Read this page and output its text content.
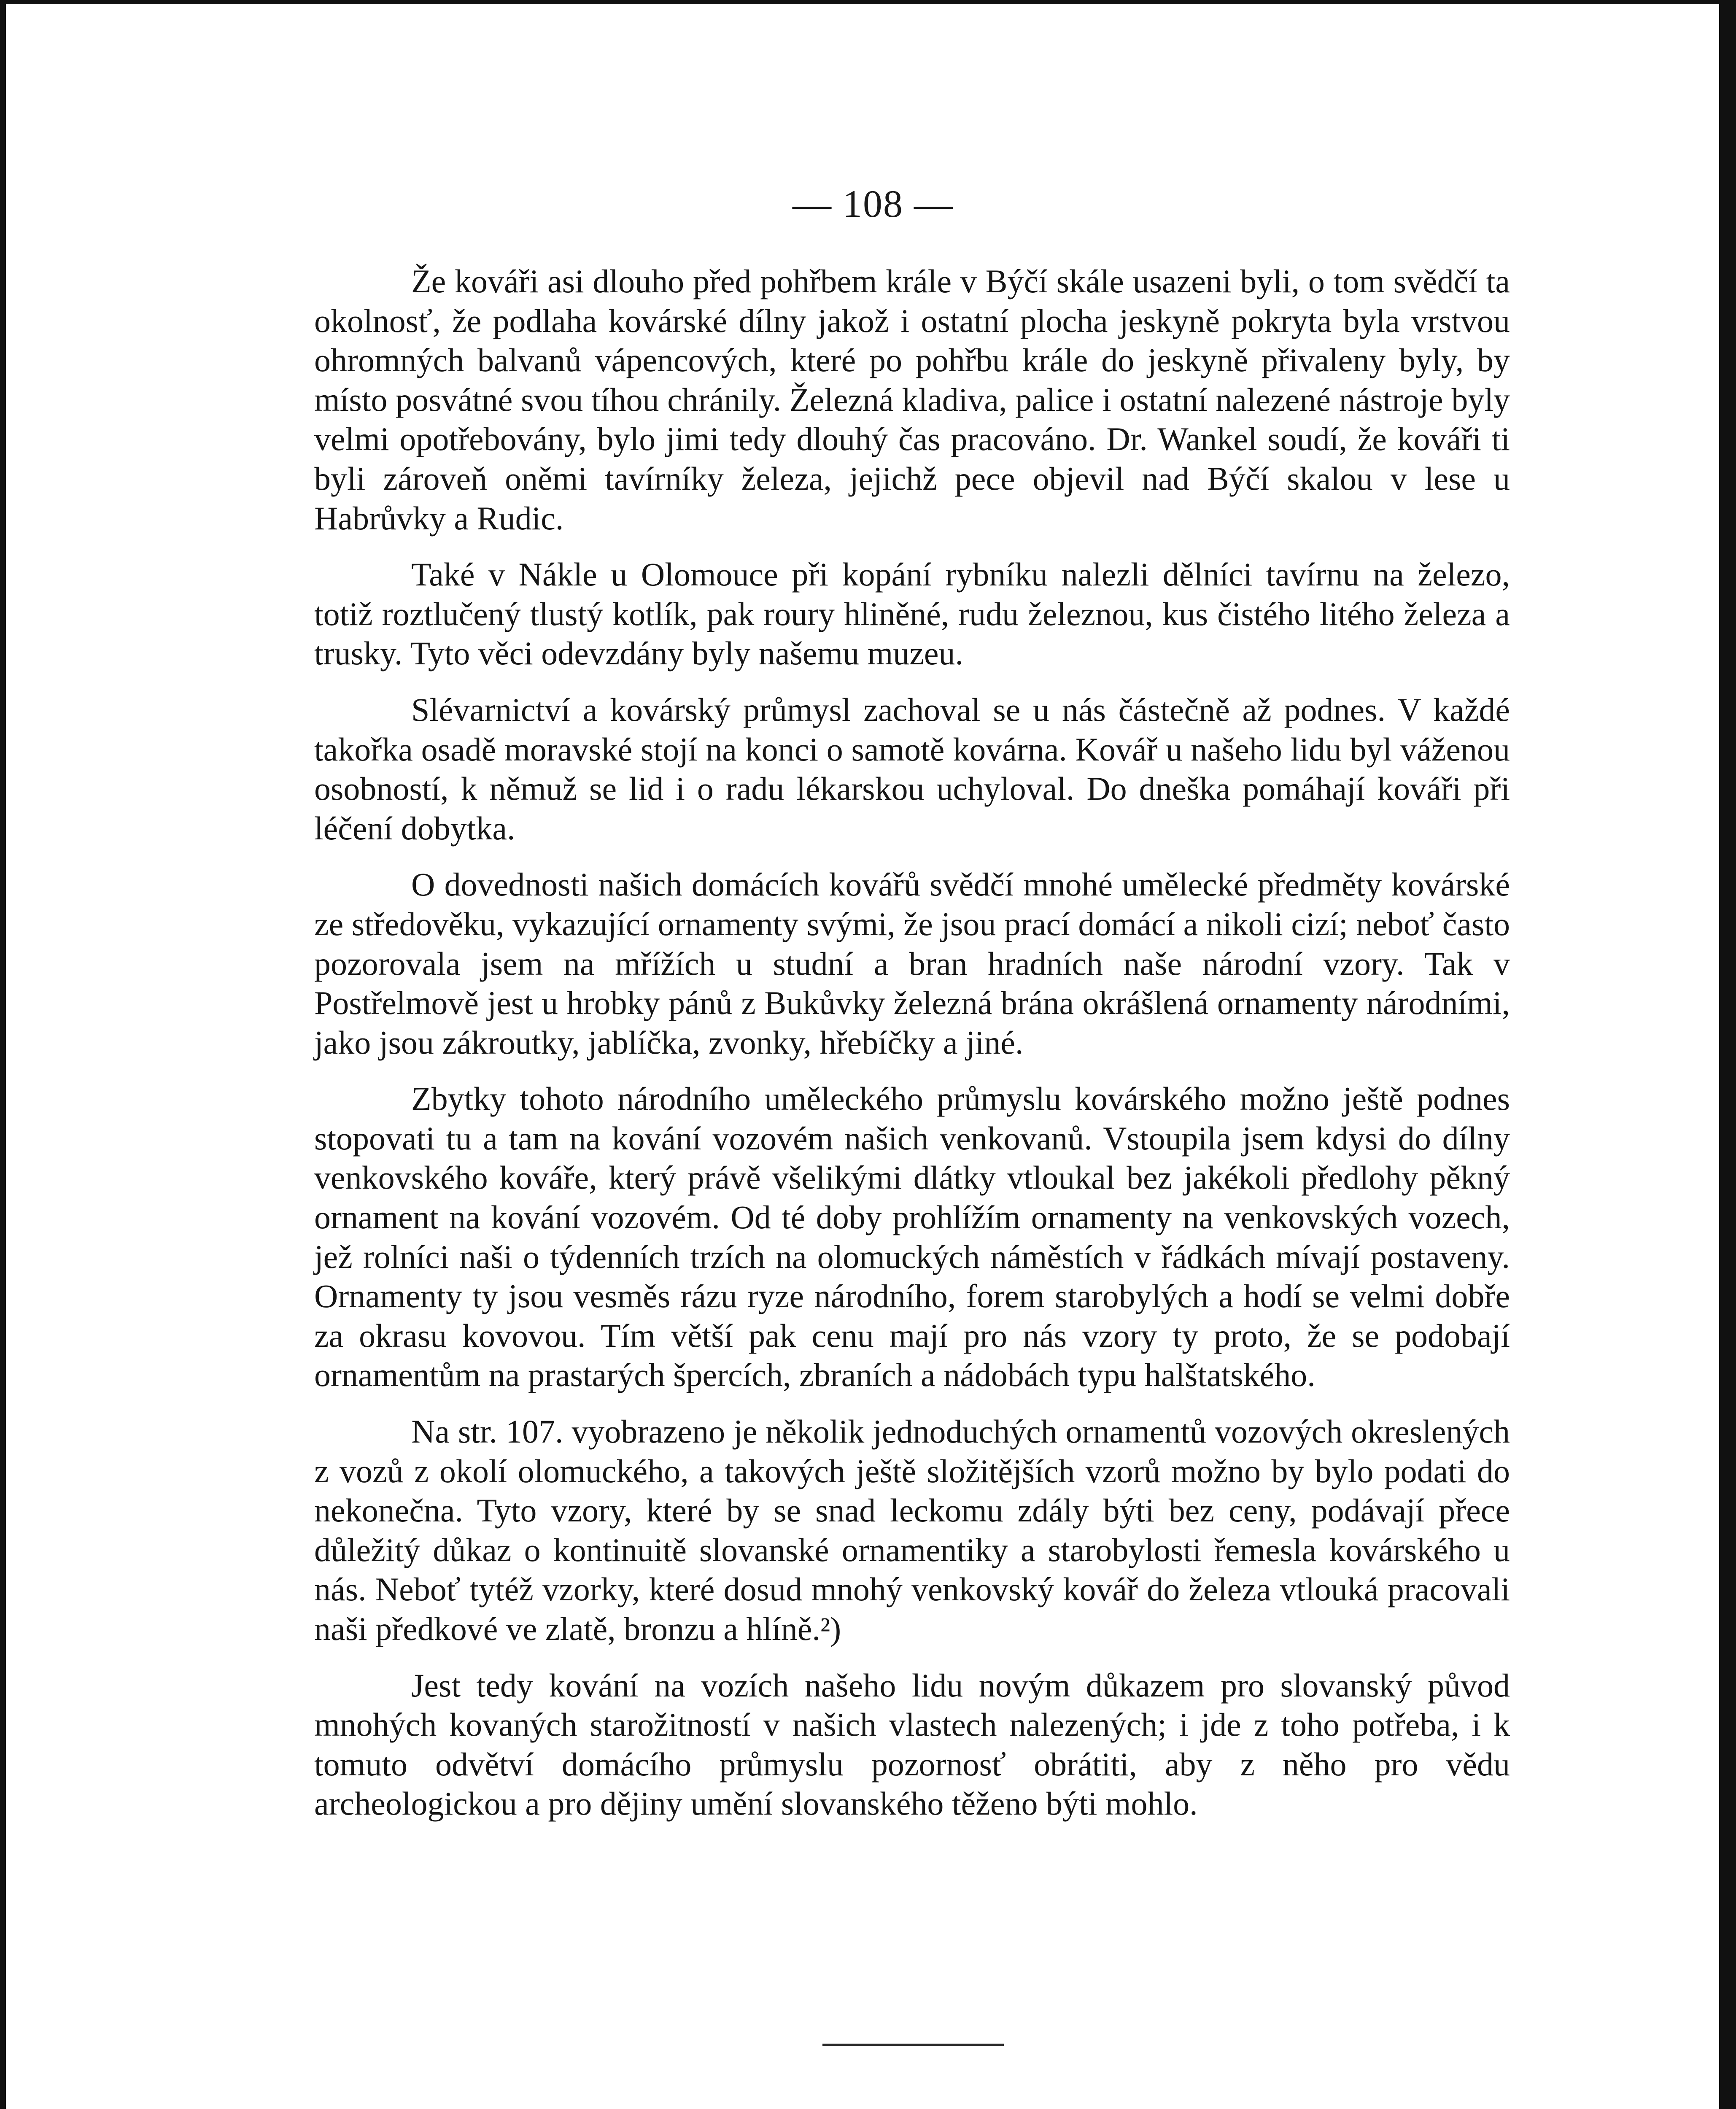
— 108 —

Že kováři asi dlouho před pohřbem krále v Býčí skále usazeni byli, o tom svědčí ta okolnosť, že podlaha kovárské dílny jakož i ostatní plocha jeskyně pokryta byla vrstvou ohromných balvanů vápencových, které po pohřbu krále do jeskyně přivaleny byly, by místo posvátné svou tíhou chránily. Železná kladiva, palice i ostatní nalezené nástroje byly velmi opotřebovány, bylo jimi tedy dlouhý čas pracováno. Dr. Wankel soudí, že kováři ti byli zároveň oněmi tavírníky železa, jejichž pece objevil nad Býčí skalou v lese u Habrůvky a Rudic.

Také v Nákle u Olomouce při kopání rybníku nalezli dělníci tavírnu na železo, totiž roztlučený tlustý kotlík, pak roury hliněné, rudu železnou, kus čistého litého železa a trusky. Tyto věci odevzdány byly našemu muzeu.

Slévarnictví a kovárský průmysl zachoval se u nás částečně až podnes. V každé takořka osadě moravské stojí na konci o samotě kovárna. Kovář u našeho lidu byl váženou osobností, k němuž se lid i o radu lékarskou uchyloval. Do dneška pomáhají kováři při léčení dobytka.

O dovednosti našich domácích kovářů svědčí mnohé umělecké předměty kovárské ze středověku, vykazující ornamenty svými, že jsou prací domácí a nikoli cizí; neboť často pozorovala jsem na mřížích u studní a bran hradních naše národní vzory. Tak v Postřelmově jest u hrobky pánů z Bukůvky železná brána okrášlená ornamenty národními, jako jsou zákroutky, jablíčka, zvonky, hřebíčky a jiné.

Zbytky tohoto národního uměleckého průmyslu kovárského možno ještě podnes stopovati tu a tam na kování vozovém našich venkovanů. Vstoupila jsem kdysi do dílny venkovského kováře, který právě všelikými dlátky vtloukal bez jakékoli předlohy pěkný ornament na kování vozovém. Od té doby prohlížím ornamenty na venkovských vozech, jež rolníci naši o týdenních trzích na olomuckých náměstích v řádkách mívají postaveny. Ornamenty ty jsou vesměs rázu ryze národního, forem starobylých a hodí se velmi dobře za okrasu kovovou. Tím větší pak cenu mají pro nás vzory ty proto, že se podobají ornamentům na prastarých špercích, zbraních a nádobách typu halštatského.

Na str. 107. vyobrazeno je několik jednoduchých ornamentů vozových okreslených z vozů z okolí olomuckého, a takových ještě složitějších vzorů možno by bylo podati do nekonečna. Tyto vzory, které by se snad leckomu zdály býti bez ceny, podávají přece důležitý důkaz o kontinuitě slovanské ornamentiky a starobylosti řemesla kovárského u nás. Neboť tytéž vzorky, které dosud mnohý venkovský kovář do železa vtlouká pracovali naši předkové ve zlatě, bronzu a hlíně.²)

Jest tedy kování na vozích našeho lidu novým důkazem pro slovanský původ mnohých kovaných starožitností v našich vlastech nalezených; i jde z toho potřeba, i k tomuto odvětví domácího průmyslu pozornosť obrátiti, aby z něho pro vědu archeologickou a pro dějiny umění slovanského těženo býti mohlo.
